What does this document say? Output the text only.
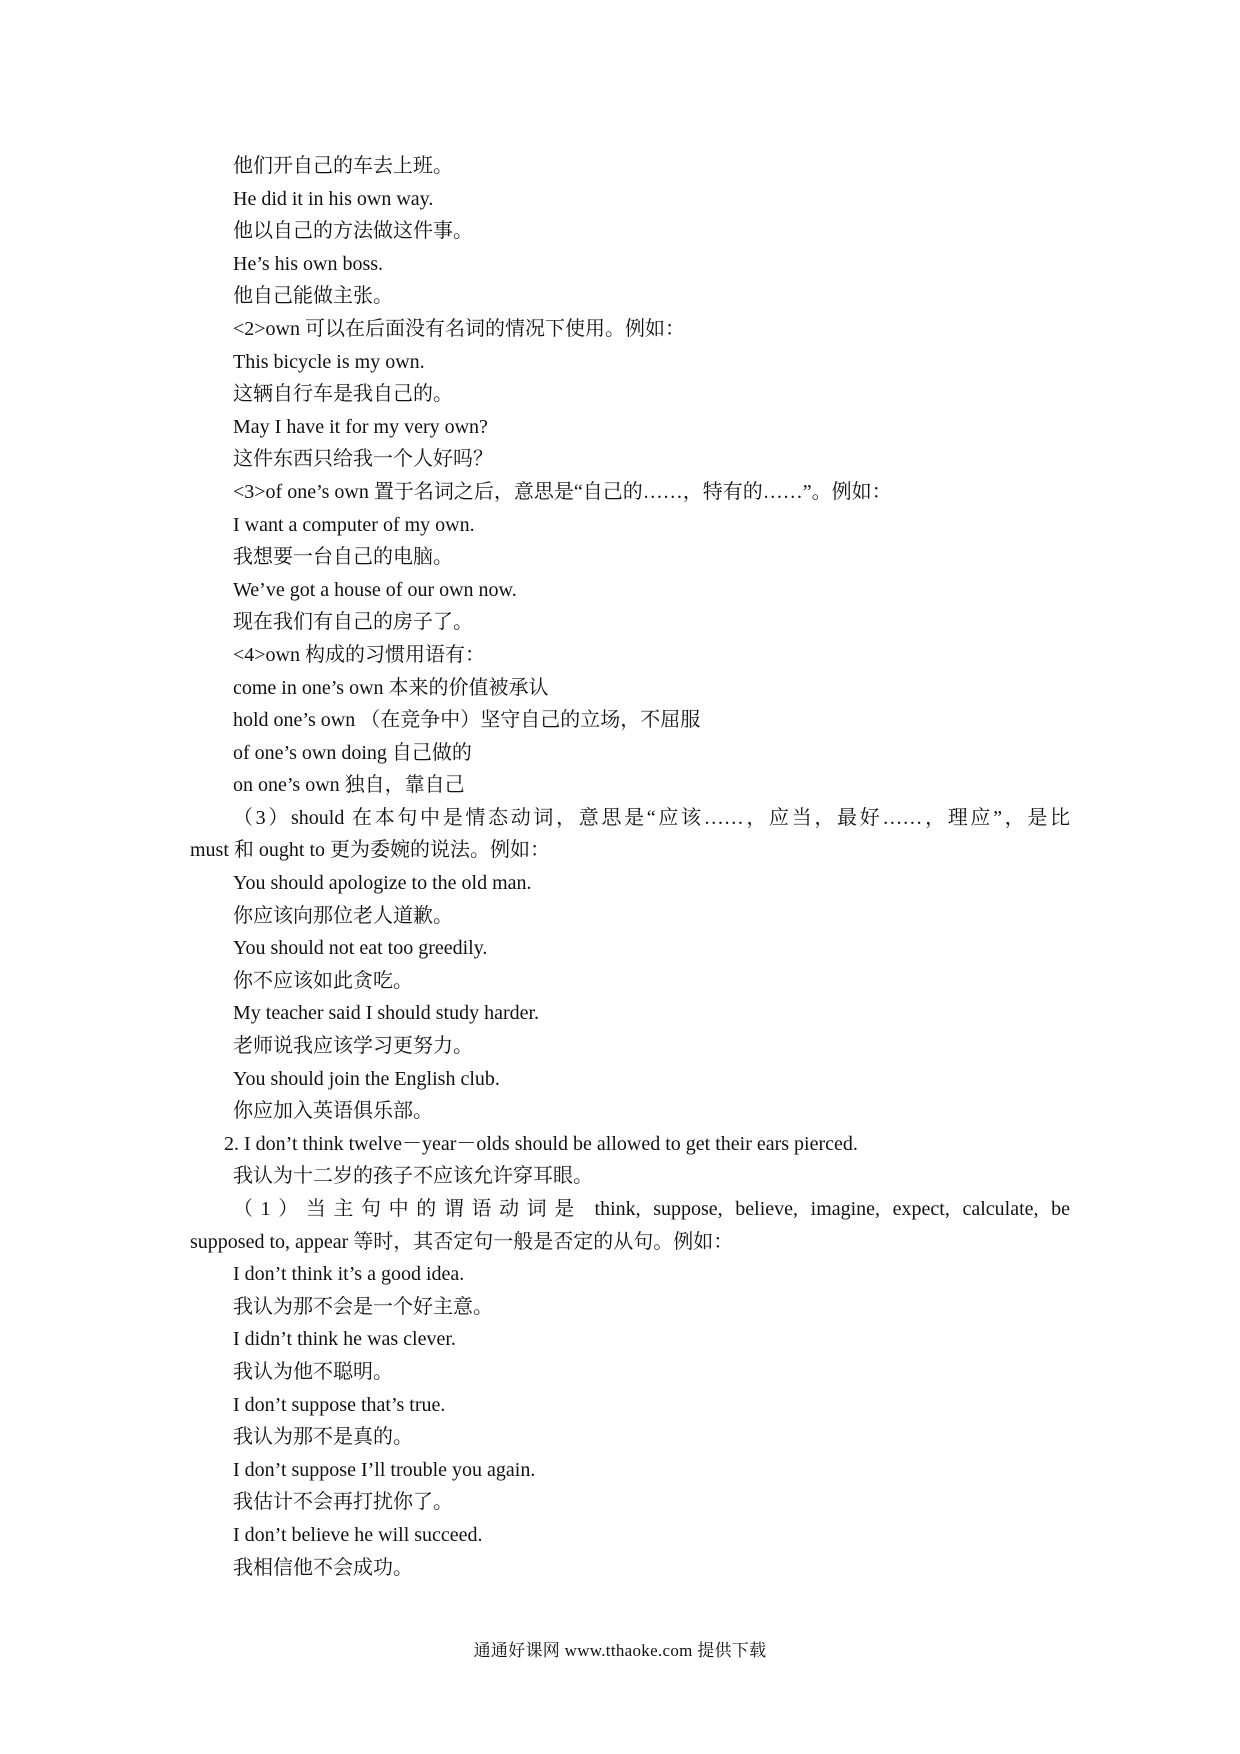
他们开自己的车去上班。
He did it in his own way.
他以自己的方法做这件事。
He’s his own boss.
他自己能做主张。
<2>own 可以在后面没有名词的情况下使用。例如：
This bicycle is my own.
这辆自行车是我自己的。
May I have it for my very own?
这件东西只给我一个人好吗？
<3>of one’s own 置于名词之后，意思是“自己的……，特有的……”。例如：
I want a computer of my own.
我想要一台自己的电脑。
We’ve got a house of our own now.
现在我们有自己的房子了。
<4>own 构成的习惯用语有：
come in one’s own 本来的价值被承认
hold one’s own （在竞争中）坚守自己的立场，不屈服
of one’s own doing 自己做的
on one’s own 独自，靠自己
（3）should 在本句中是情态动词，意思是“应该……，应当，最好……，理应”，是比
must 和 ought to 更为委婉的说法。例如：
You should apologize to the old man.
你应该向那位老人道歉。
You should not eat too greedily.
你不应该如此贪吃。
My teacher said I should study harder.
老师说我应该学习更努力。
You should join the English club.
你应加入英语俱乐部。
2. I don’t think twelve－year－olds should be allowed to get their ears pierced.
我认为十二岁的孩子不应该允许穿耳眼。
（1）当主句中的谓语动词是 think, suppose, believe, imagine, expect, calculate, be
supposed to, appear 等时，其否定句一般是否定的从句。例如：
I don’t think it’s a good idea.
我认为那不会是一个好主意。
I didn’t think he was clever.
我认为他不聪明。
I don’t suppose that’s true.
我认为那不是真的。
I don’t suppose I’ll trouble you again.
我估计不会再打扰你了。
I don’t believe he will succeed.
我相信他不会成功。
通通好课网 www.tthaoke.com 提供下载
